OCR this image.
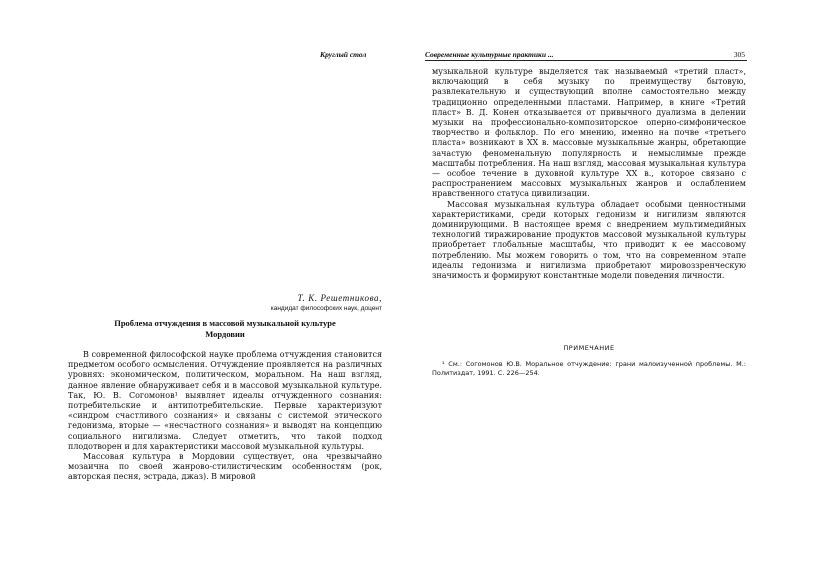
Круглый стол
Т. К. Решетникова,
кандидат философских наук, доцент
Проблема отчуждения в массовой музыкальной культуре Мордовии

В современной философской науке проблема отчуждения становится предметом особого осмысления. Отчуждение проявляется на различных уровнях: экономическом, политическом, моральном. На наш взгляд, данное явление обнаруживает себя и в массовой музыкальной культуре. Так, Ю. В. Согомонов¹ выявляет идеалы отчужденного сознания: потребительские и антипотребительские. Первые характеризуют «синдром счастливого сознания» и связаны с системой этического гедонизма, вторые — «несчастного сознания» и выводят на концепцию социального нигилизма. Следует отметить, что такой подход плодотворен и для характеристики массовой музыкальной культуры.

Массовая культура в Мордовии существует, она чрезвычайно мозаична по своей жанрово-стилистическим особенностям (рок, авторская песня, эстрада, джаз). В мировой

Современные культурные практики ...	305

музыкальной культуре выделяется так называемый «третий пласт», включающий в себя музыку по преимуществу бытовую, развлекательную и существующий вполне самостоятельно между традиционно определенными пластами. Например, в книге «Третий пласт» В. Д. Конен отказывается от привычного дуализма в делении музыки на профессионально-композиторское оперно-симфоническое творчество и фольклор. По его мнению, именно на почве «третьего пласта» возникают в XX в. массовые музыкальные жанры, обретающие зачастую феноменальную популярность и немыслимые прежде масштабы потребления. На наш взгляд, массовая музыкальная культура — особое течение в духовной культуре XX в., которое связано с распространением массовых музыкальных жанров и ослаблением нравственного статуса цивилизации.

Массовая музыкальная культура обладает особыми ценностными характеристиками, среди которых гедонизм и нигилизм являются доминирующими. В настоящее время с внедрением мультимедийных технологий тиражирование продуктов массовой музыкальной культуры приобретает глобальные масштабы, что приводит к ее массовому потреблению. Мы можем говорить о том, что на современном этапе идеалы гедонизма и нигилизма приобретают мировоззренческую значимость и формируют константные модели поведения личности.

ПРИМЕЧАНИЕ
¹ См.: Согомонов Ю.В. Моральное отчуждение: грани малоизученной проблемы. М.: Политиздат, 1991. С. 226—254.
